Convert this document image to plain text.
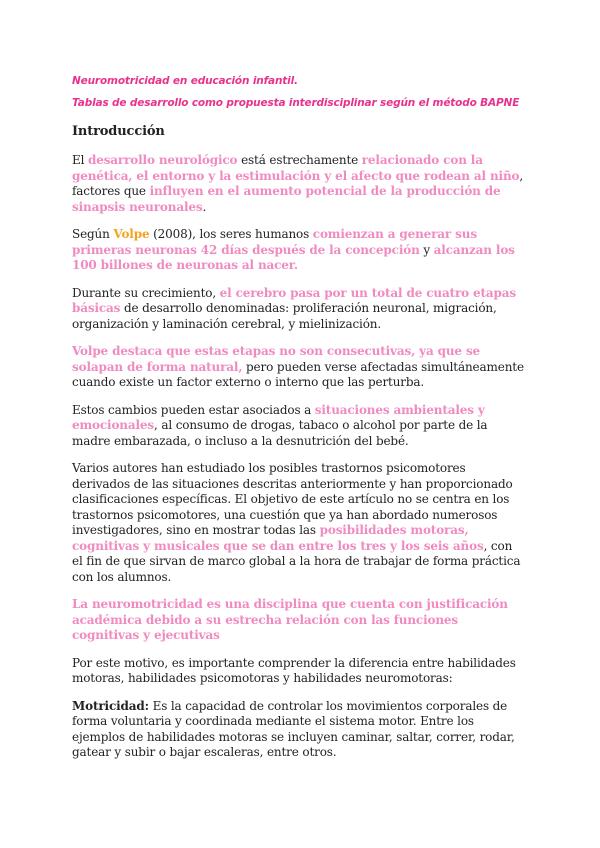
Neuromotricidad en educación infantil.
Tablas de desarrollo como propuesta interdisciplinar según el método BAPNE
Introducción

El desarrollo neurológico está estrechamente relacionado con la genética, el entorno y la estimulación y el afecto que rodean al niño, factores que influyen en el aumento potencial de la producción de sinapsis neuronales.

Según Volpe (2008), los seres humanos comienzan a generar sus primeras neuronas 42 días después de la concepción y alcanzan los 100 billones de neuronas al nacer.

Durante su crecimiento, el cerebro pasa por un total de cuatro etapas básicas de desarrollo denominadas: proliferación neuronal, migración, organización y laminación cerebral, y mielinización.

Volpe destaca que estas etapas no son consecutivas, ya que se solapan de forma natural, pero pueden verse afectadas simultáneamente cuando existe un factor externo o interno que las perturba.

Estos cambios pueden estar asociados a situaciones ambientales y emocionales, al consumo de drogas, tabaco o alcohol por parte de la madre embarazada, o incluso a la desnutrición del bebé.

Varios autores han estudiado los posibles trastornos psicomotores derivados de las situaciones descritas anteriormente y han proporcionado clasificaciones específicas. El objetivo de este artículo no se centra en los trastornos psicomotores, una cuestión que ya han abordado numerosos investigadores, sino en mostrar todas las posibilidades motoras, cognitivas y musicales que se dan entre los tres y los seis años, con el fin de que sirvan de marco global a la hora de trabajar de forma práctica con los alumnos.

La neuromotricidad es una disciplina que cuenta con justificación académica debido a su estrecha relación con las funciones cognitivas y ejecutivas

Por este motivo, es importante comprender la diferencia entre habilidades motoras, habilidades psicomotoras y habilidades neuromotoras:

Motricidad: Es la capacidad de controlar los movimientos corporales de forma voluntaria y coordinada mediante el sistema motor. Entre los ejemplos de habilidades motoras se incluyen caminar, saltar, correr, rodar, gatear y subir o bajar escaleras, entre otros.
